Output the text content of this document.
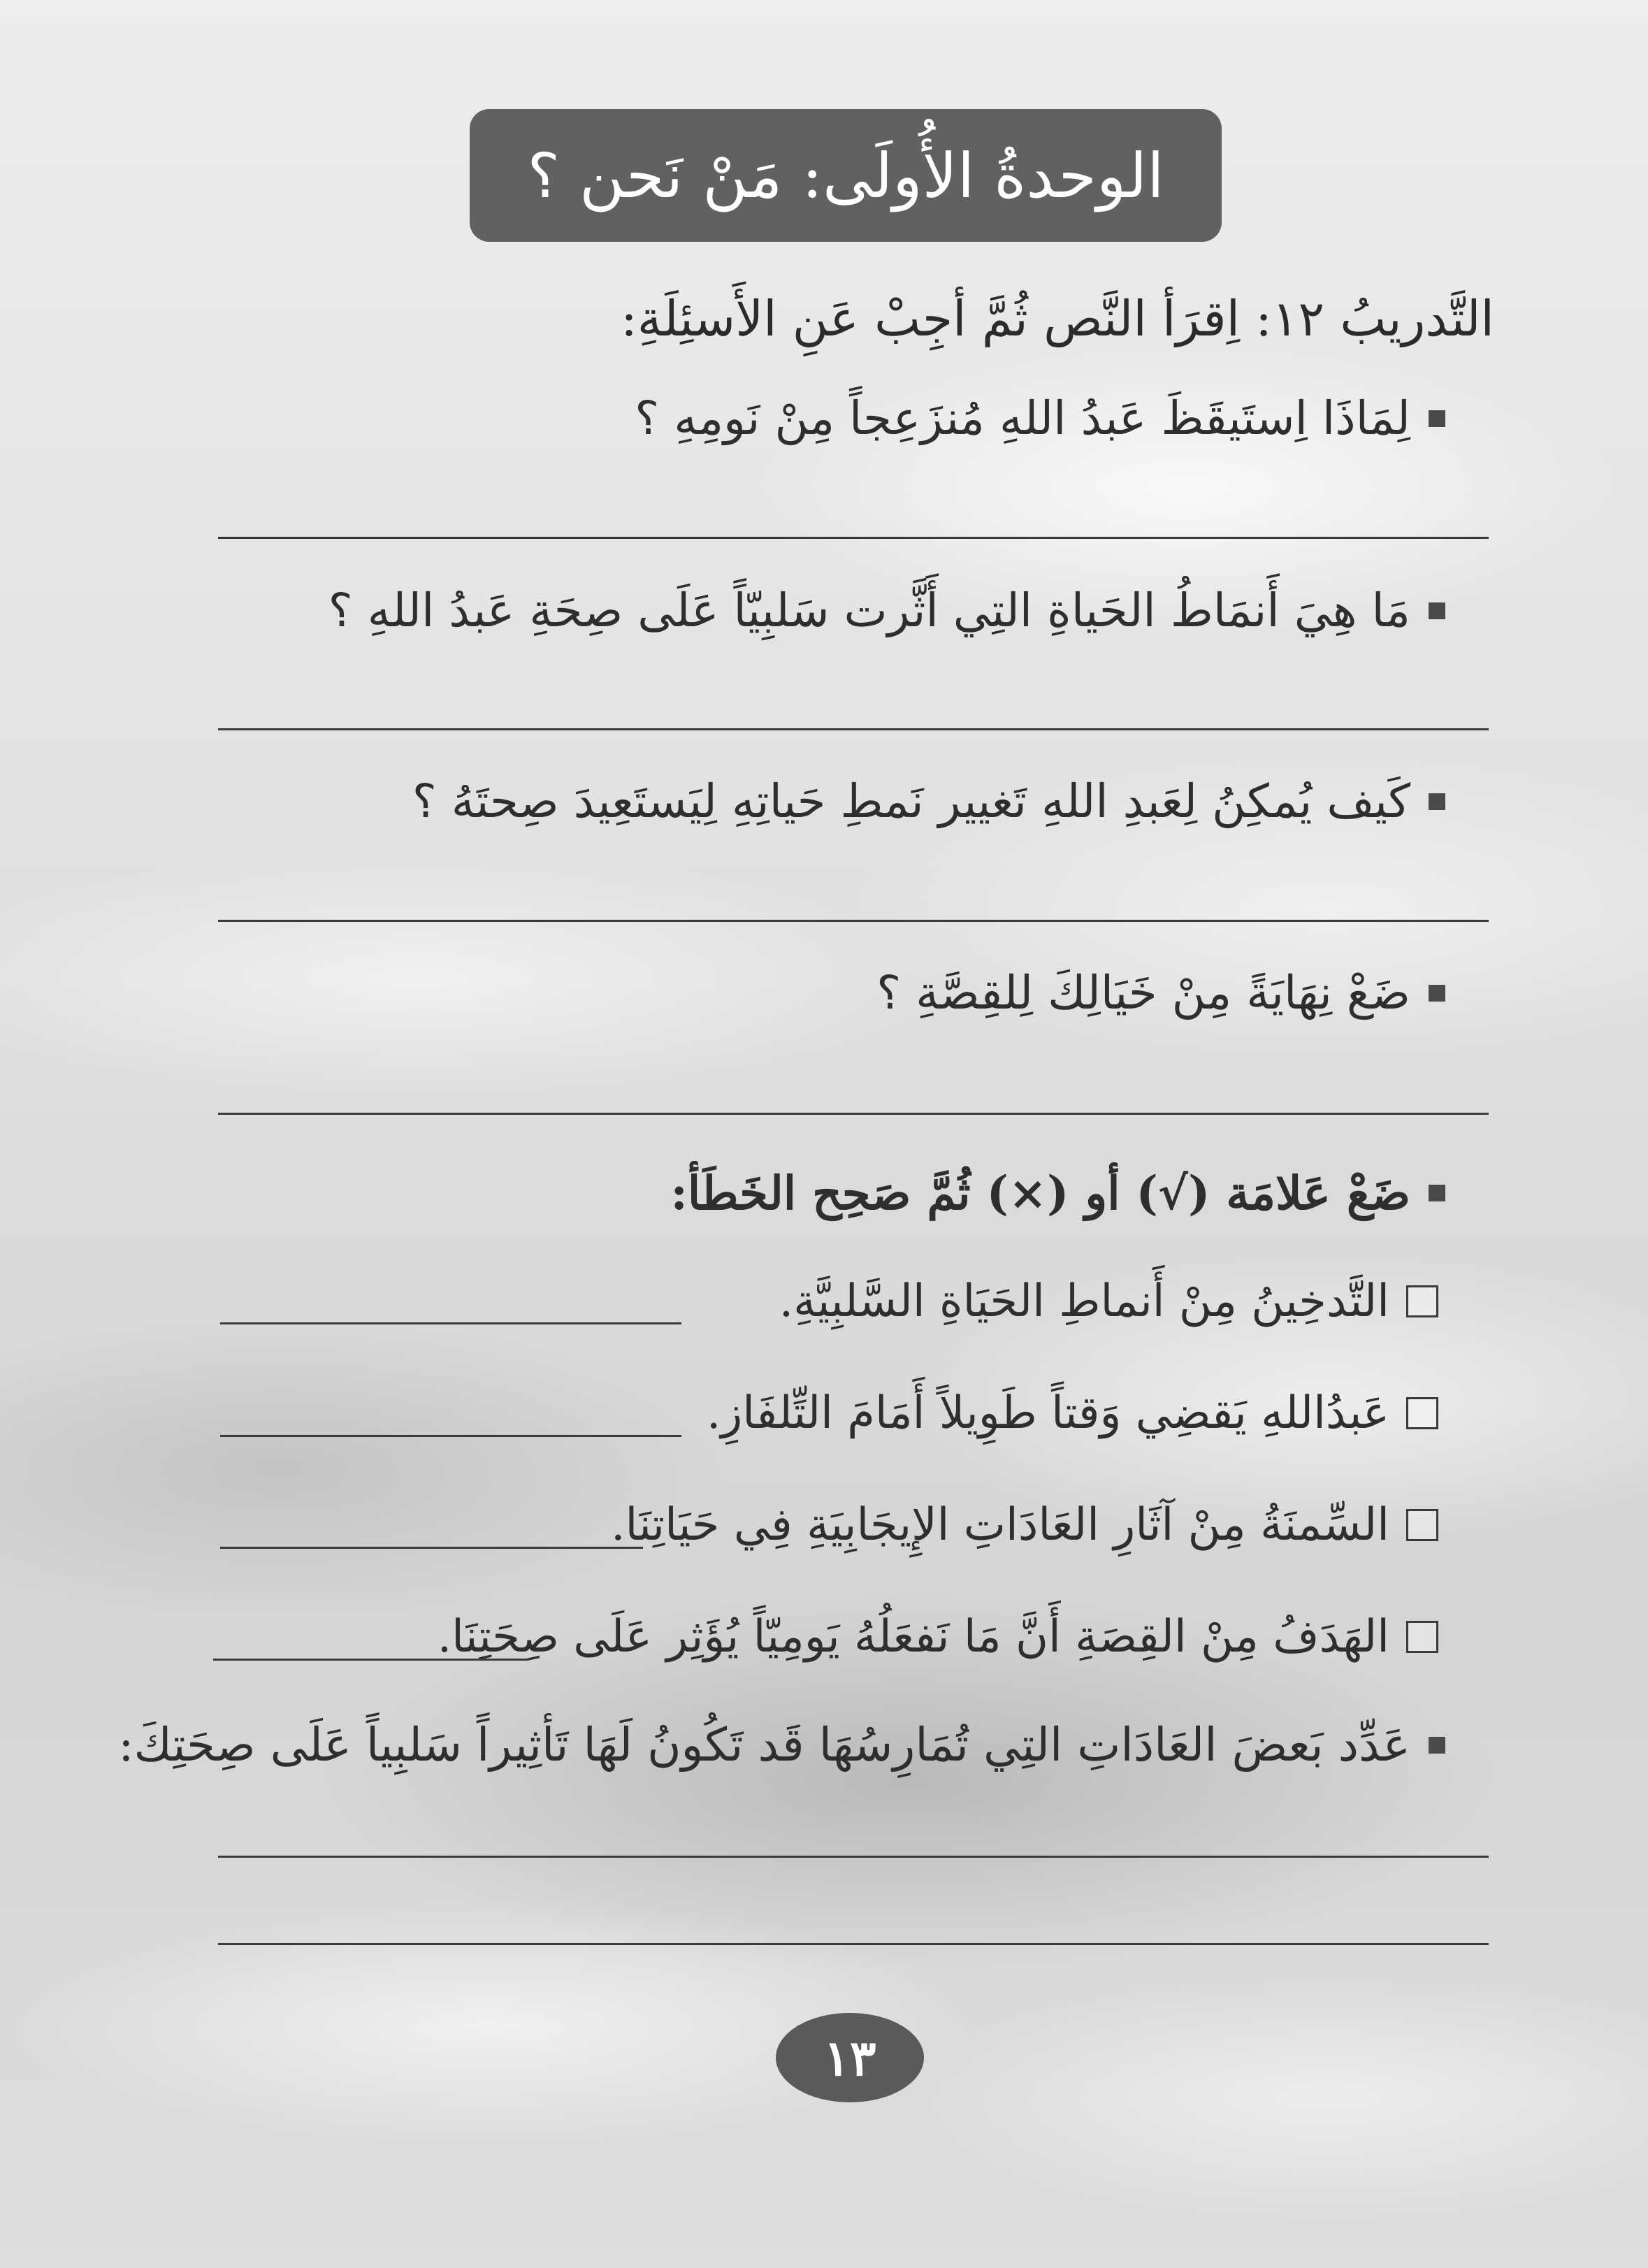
الوحدةُ الأُولَى: مَنْ نَحن ؟
التَّدريبُ ١٢: اِقرَأ النَّص ثُمَّ أجِبْ عَنِ الأَسئِلَةِ:
لِمَاذَا اِستَيقَظَ عَبدُ اللهِ مُنزَعِجاً مِنْ نَومِهِ ؟
مَا هِيَ أَنمَاطُ الحَياةِ التِي أَثَّرت سَلبِيّاً عَلَى صِحَةِ عَبدُ اللهِ ؟
كَيف يُمكِنُ لِعَبدِ اللهِ تَغيير نَمطِ حَياتِهِ لِيَستَعِيدَ صِحتَهُ ؟
ضَعْ نِهَايَةً مِنْ خَيَالِكَ لِلقِصَّةِ ؟
ضَعْ عَلامَة (√) أو (×) ثُمَّ صَحِح الخَطَأ:
التَّدخِينُ مِنْ أَنماطِ الحَيَاةِ السَّلبِيَّةِ.
عَبدُاللهِ يَقضِي وَقتاً طَوِيلاً أَمَامَ التِّلفَازِ.
السِّمنَةُ مِنْ آثَارِ العَادَاتِ الإِيجَابِيَةِ فِي حَيَاتِنَا.
الهَدَفُ مِنْ القِصَةِ أَنَّ مَا نَفعَلُهُ يَومِيّاً يُؤَثِر عَلَى صِحَتِنَا.
عَدِّد بَعضَ العَادَاتِ التِي تُمَارِسُهَا قَد تَكُونُ لَهَا تَأثِيراً سَلبِياً عَلَى صِحَتِكَ:
١٣
